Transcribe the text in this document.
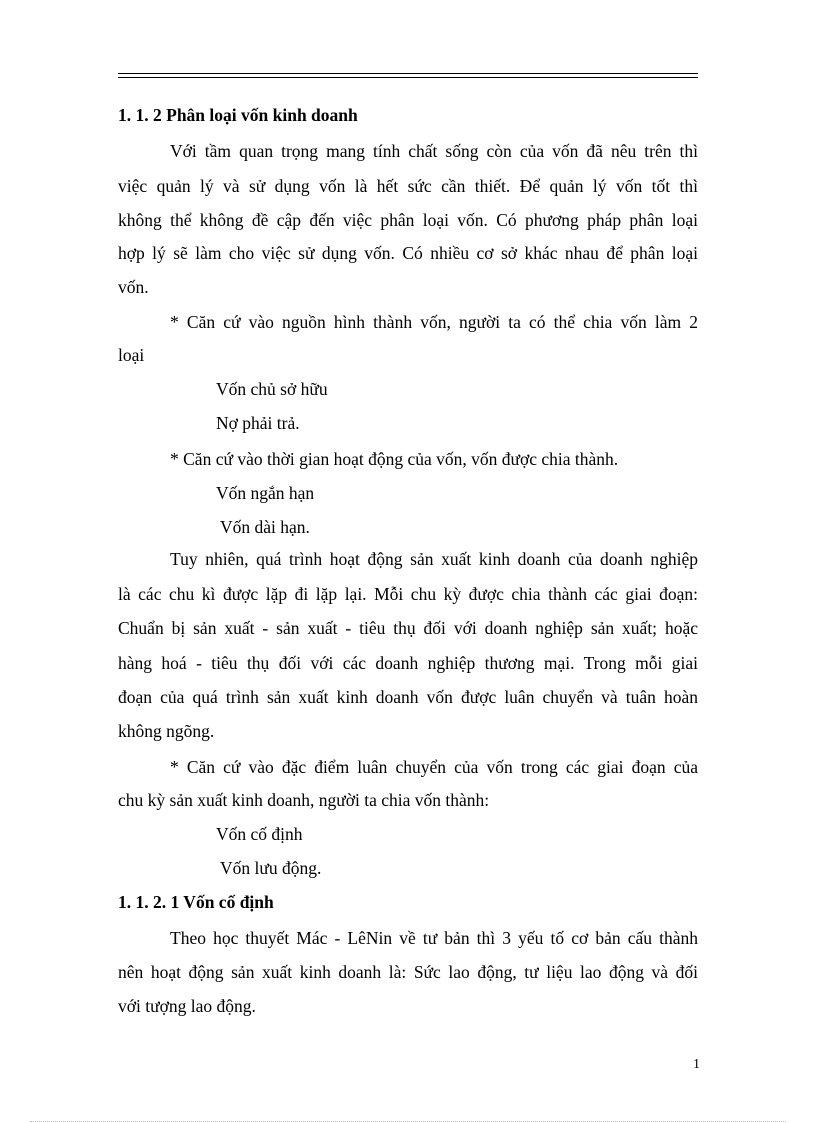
1. 1. 2 Phân loại vốn kinh doanh
Với tầm quan trọng mang tính chất sống còn của vốn đã nêu trên thì
việc quản lý và sử dụng vốn là hết sức cần thiết. Để quản lý vốn tốt thì
không thể không đề cập đến việc phân loại vốn. Có phương pháp phân loại
hợp lý sẽ làm cho việc sử dụng vốn. Có nhiều cơ sở khác nhau để phân loại
vốn.
* Căn cứ vào nguồn hình thành vốn, người ta có thể chia vốn làm 2
loại
Vốn chủ sở hữu
Nợ phải trả.
* Căn cứ vào thời gian hoạt động của vốn, vốn được chia thành.
Vốn ngắn hạn
Vốn dài hạn.
Tuy nhiên, quá trình hoạt động sản xuất kinh doanh của doanh nghiệp
là các chu kì được lặp đi lặp lại. Mỗi chu kỳ được chia thành các giai đoạn:
Chuẩn bị sản xuất - sản xuất - tiêu thụ đối với doanh nghiệp sản xuất; hoặc
hàng hoá - tiêu thụ đối với các doanh nghiệp thương mại. Trong mỗi giai
đoạn của quá trình sản xuất kinh doanh vốn được luân chuyển và tuân hoàn
không ngõng.
* Căn cứ vào đặc điểm luân chuyển của vốn trong các giai đoạn của
chu kỳ sản xuất kinh doanh, người ta chia vốn thành:
Vốn cố định
Vốn lưu động.
1. 1. 2. 1 Vốn cố định
Theo học thuyết Mác - LêNin về tư bản thì 3 yếu tố cơ bản cấu thành
nên hoạt động sản xuất kinh doanh là: Sức lao động, tư liệu lao động và đối
với tượng lao động.
1
